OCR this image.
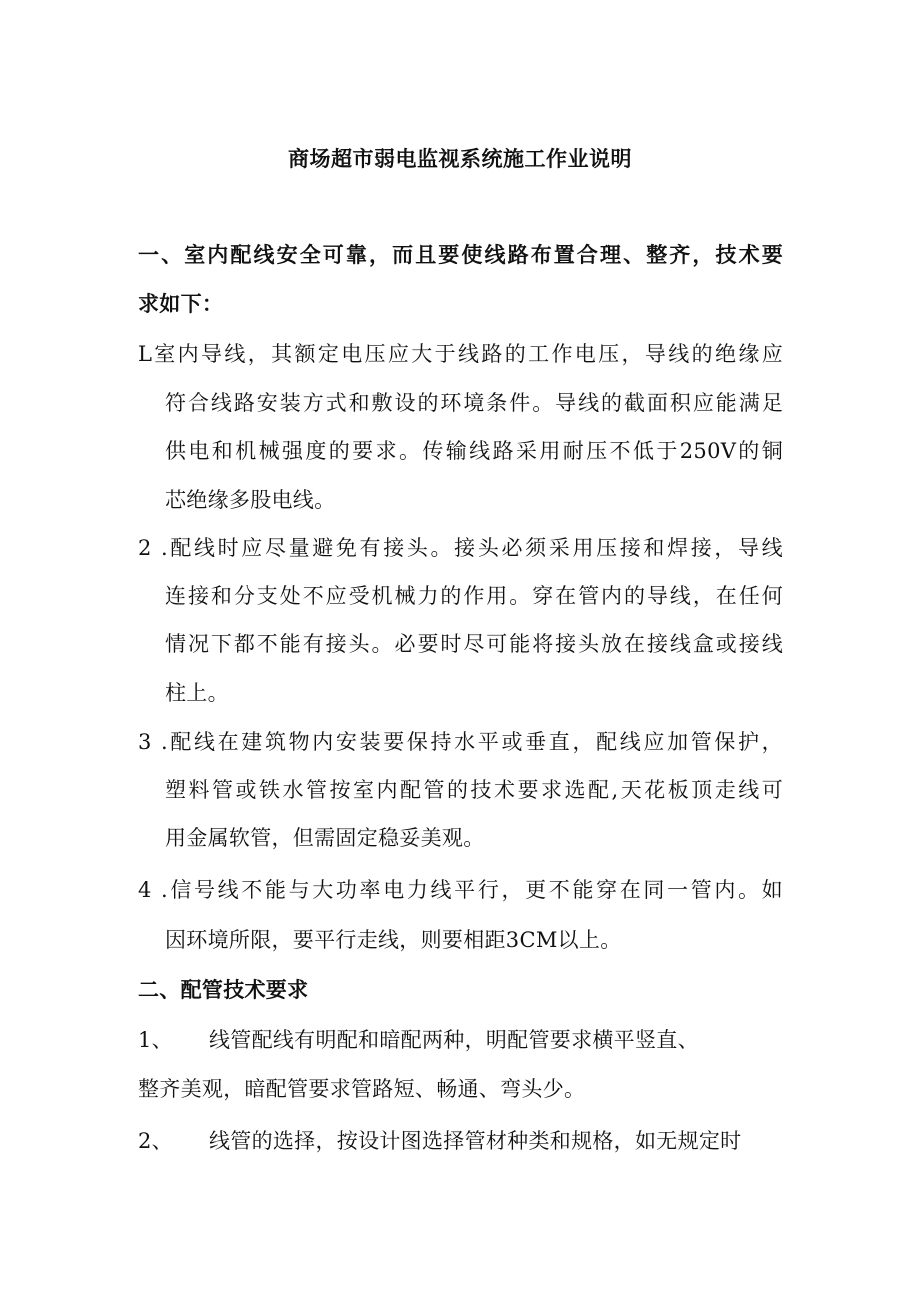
商场超市弱电监视系统施工作业说明
一、室内配线安全可靠，而且要使线路布置合理、整齐，技术要
求如下：
L室内导线，其额定电压应大于线路的工作电压，导线的绝缘应
符合线路安装方式和敷设的环境条件。导线的截面积应能满足
供电和机械强度的要求。传输线路采用耐压不低于250V的铜
芯绝缘多股电线。
2 .配线时应尽量避免有接头。接头必须采用压接和焊接，导线
连接和分支处不应受机械力的作用。穿在管内的导线，在任何
情况下都不能有接头。必要时尽可能将接头放在接线盒或接线
柱上。
3 .配线在建筑物内安装要保持水平或垂直，配线应加管保护，
塑料管或铁水管按室内配管的技术要求选配,天花板顶走线可
用金属软管，但需固定稳妥美观。
4 .信号线不能与大功率电力线平行，更不能穿在同一管内。如
因环境所限，要平行走线，则要相距3CM以上。
二、配管技术要求
1、 线管配线有明配和暗配两种，明配管要求横平竖直、
整齐美观，暗配管要求管路短、畅通、弯头少。
2、 线管的选择，按设计图选择管材种类和规格，如无规定时
